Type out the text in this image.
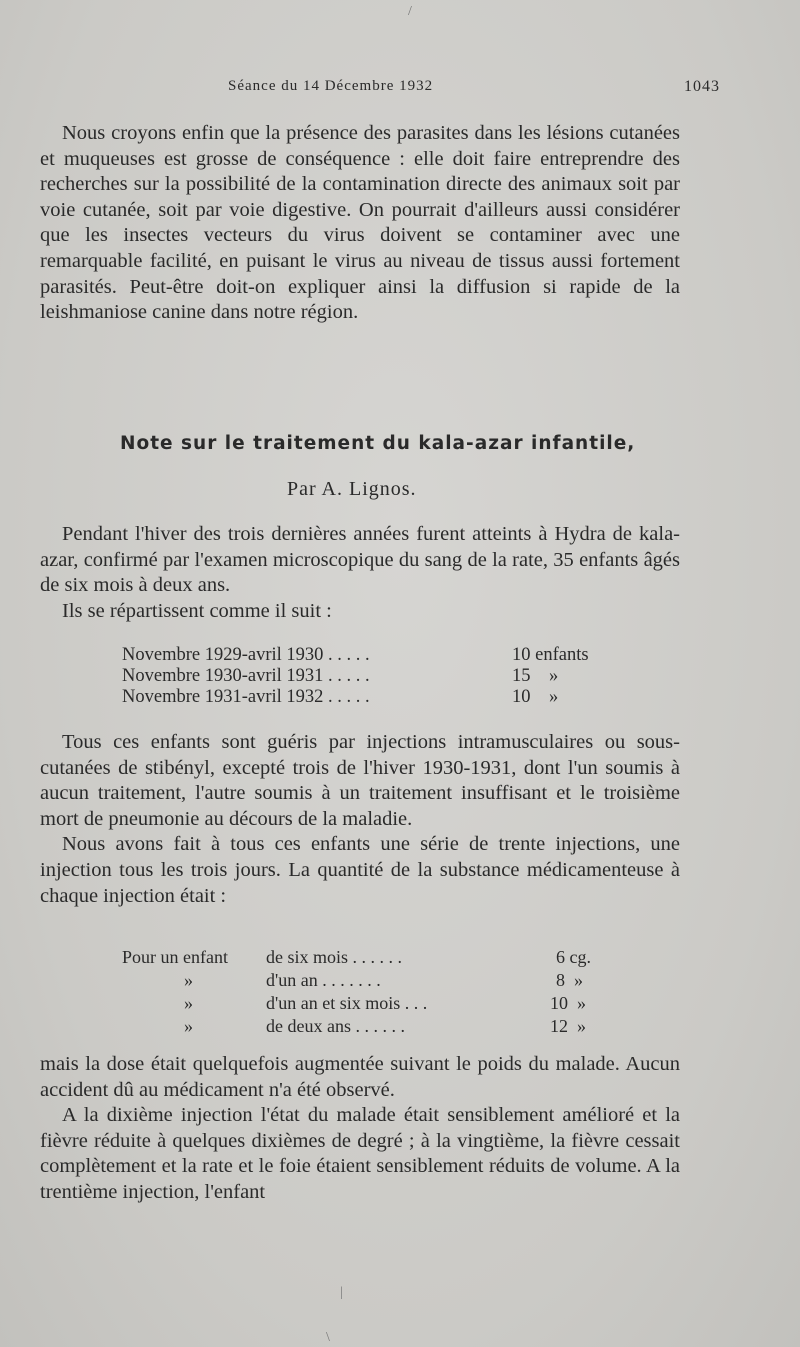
Séance du 14 Décembre 1932	1043

Nous croyons enfin que la présence des parasites dans les lésions cutanées et muqueuses est grosse de conséquence : elle doit faire entreprendre des recherches sur la possibilité de la contamination directe des animaux soit par voie cutanée, soit par voie digestive. On pourrait d'ailleurs aussi considérer que les insectes vecteurs du virus doivent se contaminer avec une remarquable facilité, en puisant le virus au niveau de tissus aussi fortement parasités. Peut-être doit-on expliquer ainsi la diffusion si rapide de la leishmaniose canine dans notre région.

Note sur le traitement du kala-azar infantile,
Par A. Lignos.

Pendant l'hiver des trois dernières années furent atteints à Hydra de kala-azar, confirmé par l'examen microscopique du sang de la rate, 35 enfants âgés de six mois à deux ans.

Ils se répartissent comme il suit :

Novembre 1929-avril 1930 . . . . .	10 enfants
Novembre 1930-avril 1931 . . . . .	15    »
Novembre 1931-avril 1932 . . . . .	10    »

Tous ces enfants sont guéris par injections intramusculaires ou sous-cutanées de stibényl, excepté trois de l'hiver 1930-1931, dont l'un soumis à aucun traitement, l'autre soumis à un traitement insuffisant et le troisième mort de pneumonie au décours de la maladie.

Nous avons fait à tous ces enfants une série de trente injections, une injection tous les trois jours. La quantité de la substance médicamenteuse à chaque injection était :

Pour un enfant de six mois . . . . . .	6 cg.
»	d'un an . . . . . . .	8  »
»	d'un an et six mois . . .	10  »
»	de deux ans . . . . . .	12  »

mais la dose était quelquefois augmentée suivant le poids du malade. Aucun accident dû au médicament n'a été observé.

A la dixième injection l'état du malade était sensiblement amélioré et la fièvre réduite à quelques dixièmes de degré ; à la vingtième, la fièvre cessait complètement et la rate et le foie étaient sensiblement réduits de volume. A la trentième injection, l'enfant

/
|
\
